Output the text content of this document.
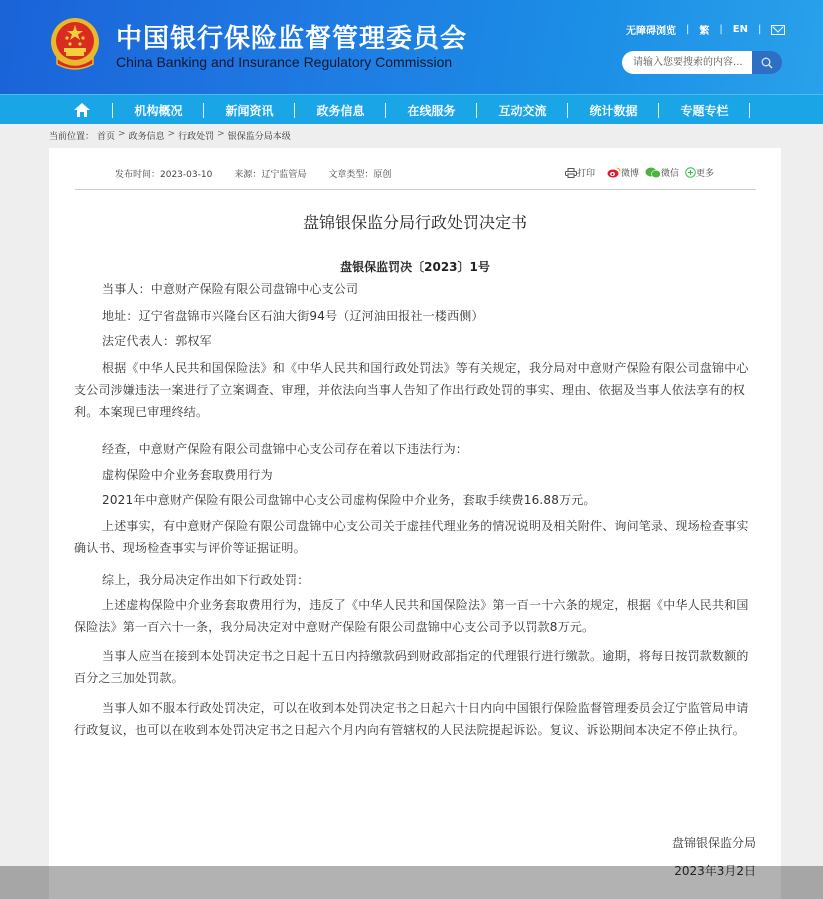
中国银行保险监督管理委员会
China Banking and Insurance Regulatory Commission
无障碍浏览 | 繁 | EN |
请输入您要搜索的内容...
机构概况	新闻资讯	政务信息	在线服务	互动交流	统计数据	专题专栏
当前位置： 首页 > 政务信息 > 行政处罚 > 银保监分局本级
发布时间：2023-03-10 来源：辽宁监管局 文章类型：原创	打印	微博 微信 更多
盘锦银保监分局行政处罚决定书
盘银保监罚决〔2023〕1号

当事人：中意财产保险有限公司盘锦中心支公司

地址：辽宁省盘锦市兴隆台区石油大街94号（辽河油田报社一楼西侧）

法定代表人：郭权军

根据《中华人民共和国保险法》和《中华人民共和国行政处罚法》等有关规定，我分局对中意财产保险有限公司盘锦中心支公司涉嫌违法一案进行了立案调查、审理，并依法向当事人告知了作出行政处罚的事实、理由、依据及当事人依法享有的权利。本案现已审理终结。

经查，中意财产保险有限公司盘锦中心支公司存在着以下违法行为：

虚构保险中介业务套取费用行为

2021年中意财产保险有限公司盘锦中心支公司虚构保险中介业务，套取手续费16.88万元。

上述事实，有中意财产保险有限公司盘锦中心支公司关于虚挂代理业务的情况说明及相关附件、询问笔录、现场检查事实确认书、现场检查事实与评价等证据证明。

综上，我分局决定作出如下行政处罚：

上述虚构保险中介业务套取费用行为，违反了《中华人民共和国保险法》第一百一十六条的规定，根据《中华人民共和国保险法》第一百六十一条，我分局决定对中意财产保险有限公司盘锦中心支公司予以罚款8万元。

当事人应当在接到本处罚决定书之日起十五日内持缴款码到财政部指定的代理银行进行缴款。逾期，将每日按罚款数额的百分之三加处罚款。

当事人如不服本行政处罚决定，可以在收到本处罚决定书之日起六十日内向中国银行保险监督管理委员会辽宁监管局申请行政复议，也可以在收到本处罚决定书之日起六个月内向有管辖权的人民法院提起诉讼。复议、诉讼期间本决定不停止执行。

盘锦银保监分局
2023年3月2日
